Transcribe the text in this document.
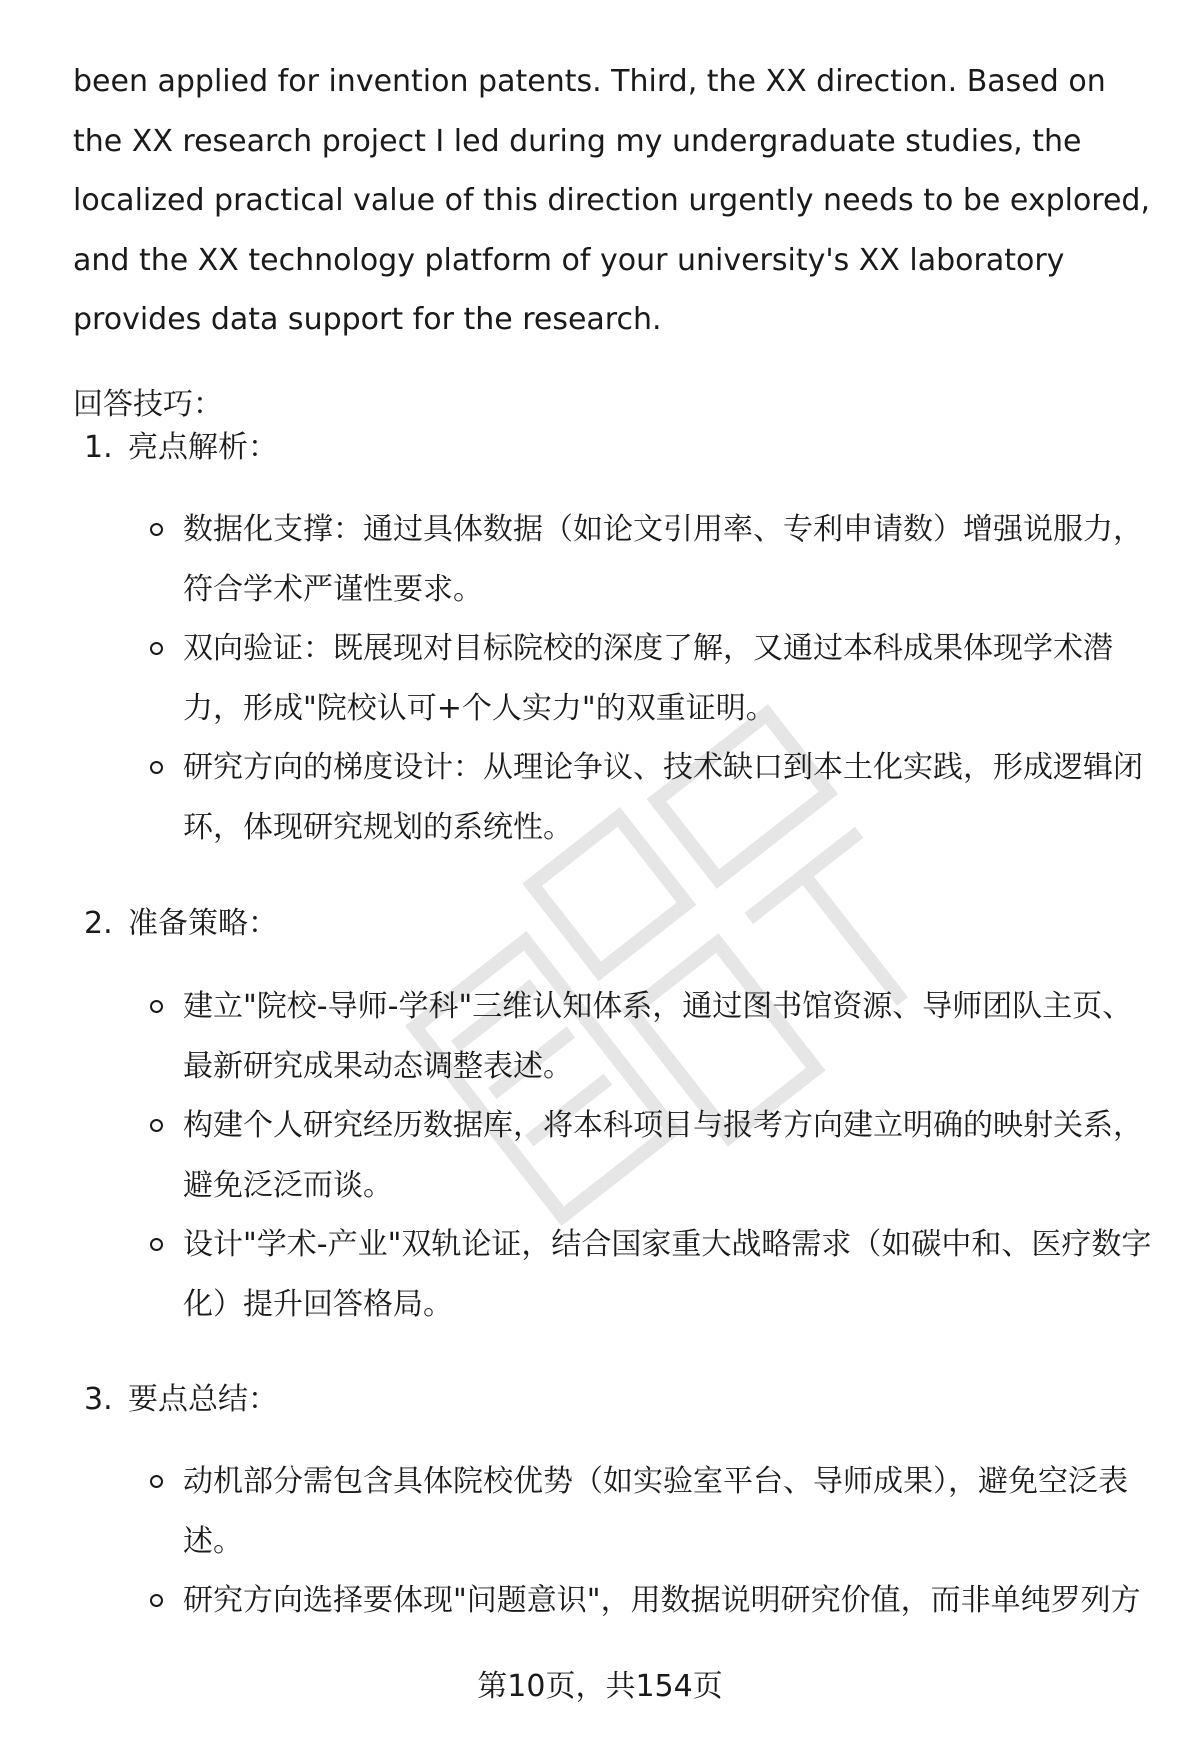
been applied for invention patents. Third, the XX direction. Based on the XX research project I led during my undergraduate studies, the localized practical value of this direction urgently needs to be explored, and the XX technology platform of your university's XX laboratory provides data support for the research.

回答技巧：

1. 亮点解析：

数据化支撑：通过具体数据（如论文引用率、专利申请数）增强说服力，符合学术严谨性要求。
双向验证：既展现对目标院校的深度了解，又通过本科成果体现学术潜力，形成"院校认可+个人实力"的双重证明。
研究方向的梯度设计：从理论争议、技术缺口到本土化实践，形成逻辑闭环，体现研究规划的系统性。

2. 准备策略：

建立"院校-导师-学科"三维认知体系，通过图书馆资源、导师团队主页、最新研究成果动态调整表述。
构建个人研究经历数据库，将本科项目与报考方向建立明确的映射关系，避免泛泛而谈。
设计"学术-产业"双轨论证，结合国家重大战略需求（如碳中和、医疗数字化）提升回答格局。

3. 要点总结：

动机部分需包含具体院校优势（如实验室平台、导师成果），避免空泛表述。
研究方向选择要体现"问题意识"，用数据说明研究价值，而非单纯罗列方

第10页，共154页
